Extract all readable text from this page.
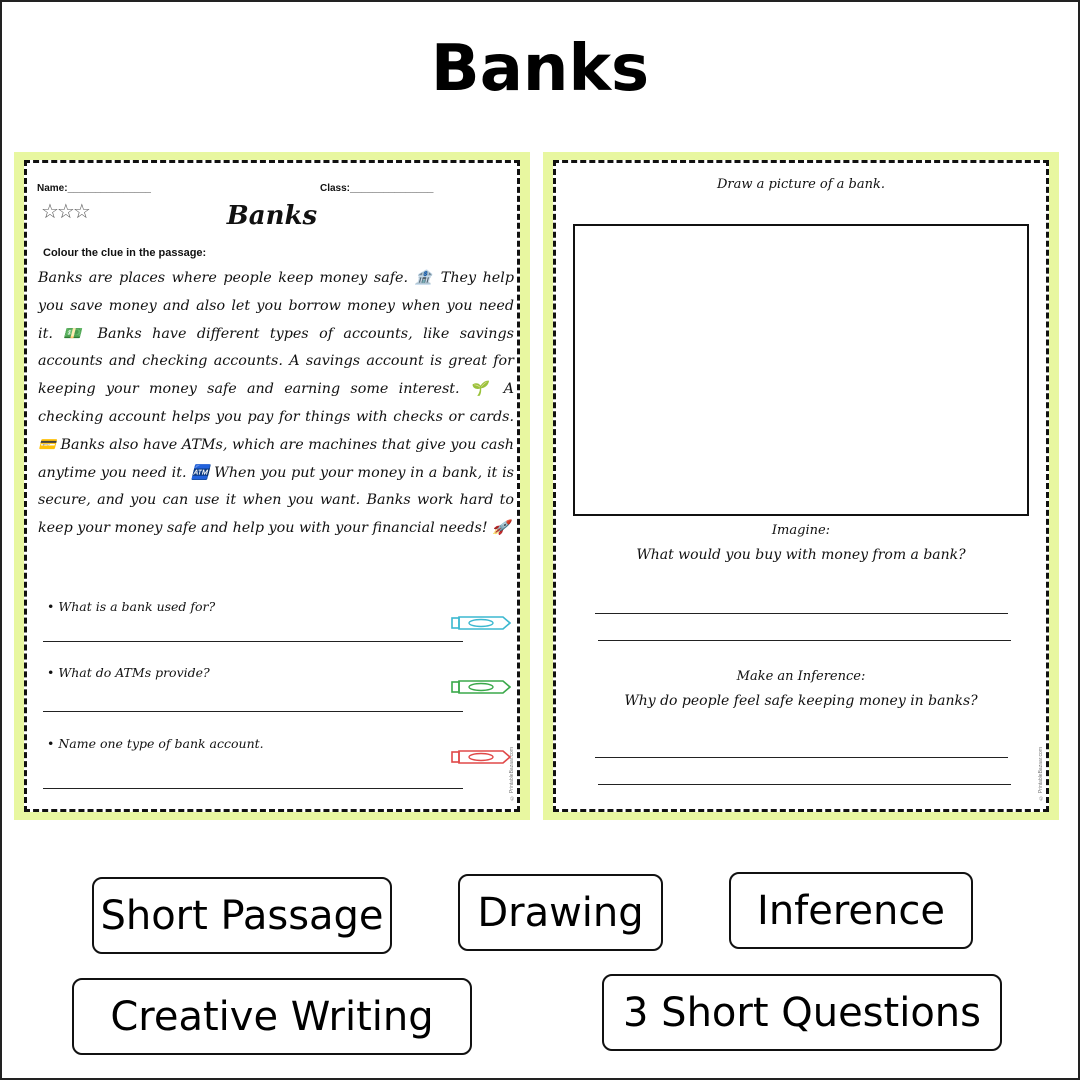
Banks
Name:_______________	Class:_______________
☆☆☆	Banks
Colour the clue in the passage:
Banks are places where people keep money safe. 🏦 They help you save money and also let you borrow money when you need it. 💵 Banks have different types of accounts, like savings accounts and checking accounts. A savings account is great for keeping your money safe and earning some interest. 🌱 A checking account helps you pay for things with checks or cards. 💳 Banks also have ATMs, which are machines that give you cash anytime you need it. 🏧 When you put your money in a bank, it is secure, and you can use it when you want. Banks work hard to keep your money safe and help you with your financial needs! 🚀
• What is a bank used for?
• What do ATMs provide?
• Name one type of bank account.
© PrintableBazaar.com
Draw a picture of a bank.
Imagine:
What would you buy with money from a bank?
Make an Inference:
Why do people feel safe keeping money in banks?
© PrintableBazaar.com
Short Passage	Drawing	Inference
Creative Writing	3 Short Questions
